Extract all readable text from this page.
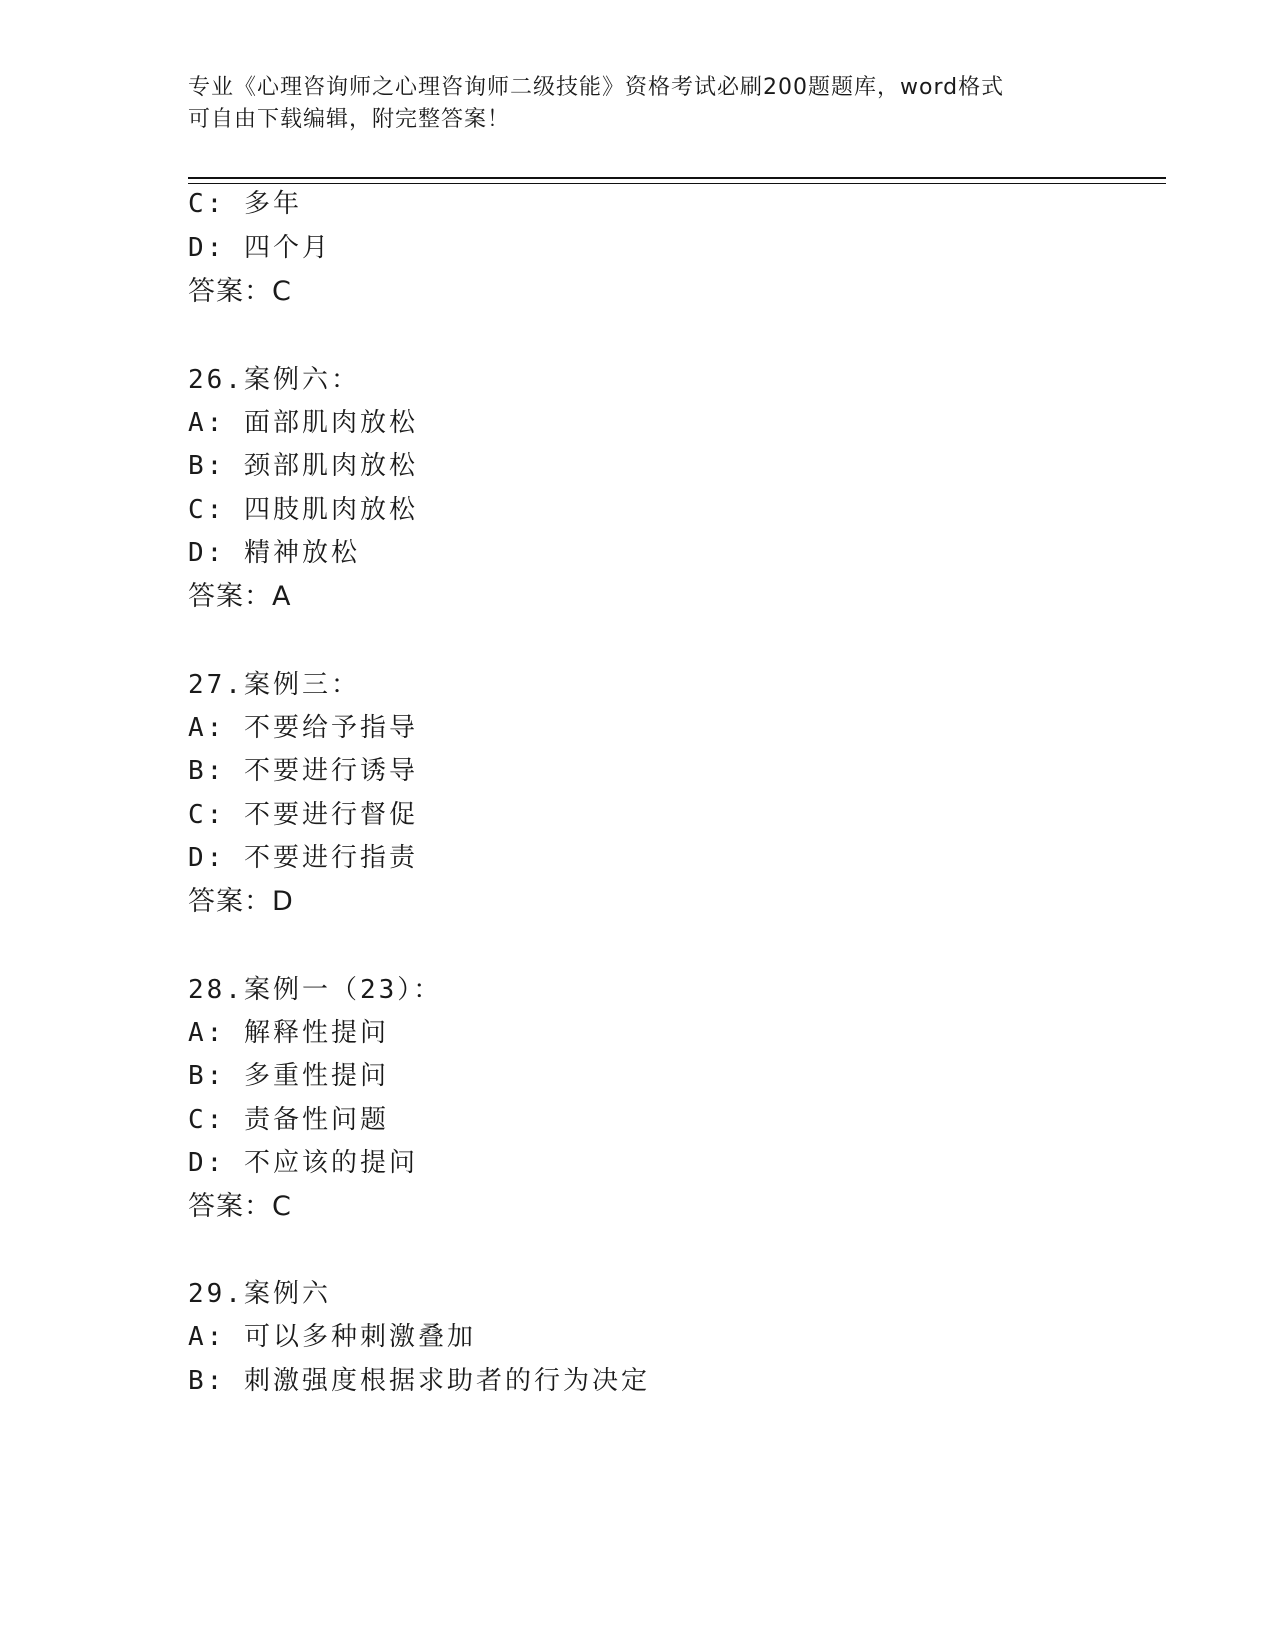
专业《心理咨询师之心理咨询师二级技能》资格考试必刷200题题库，word格式
可自由下载编辑，附完整答案！
C: 多年
D: 四个月
答案：C
26.案例六：
A: 面部肌肉放松
B: 颈部肌肉放松
C: 四肢肌肉放松
D: 精神放松
答案：A
27.案例三：
A: 不要给予指导
B: 不要进行诱导
C: 不要进行督促
D: 不要进行指责
答案：D
28.案例一（23）：
A: 解释性提问
B: 多重性提问
C: 责备性问题
D: 不应该的提问
答案：C
29.案例六
A: 可以多种刺激叠加
B: 刺激强度根据求助者的行为决定
